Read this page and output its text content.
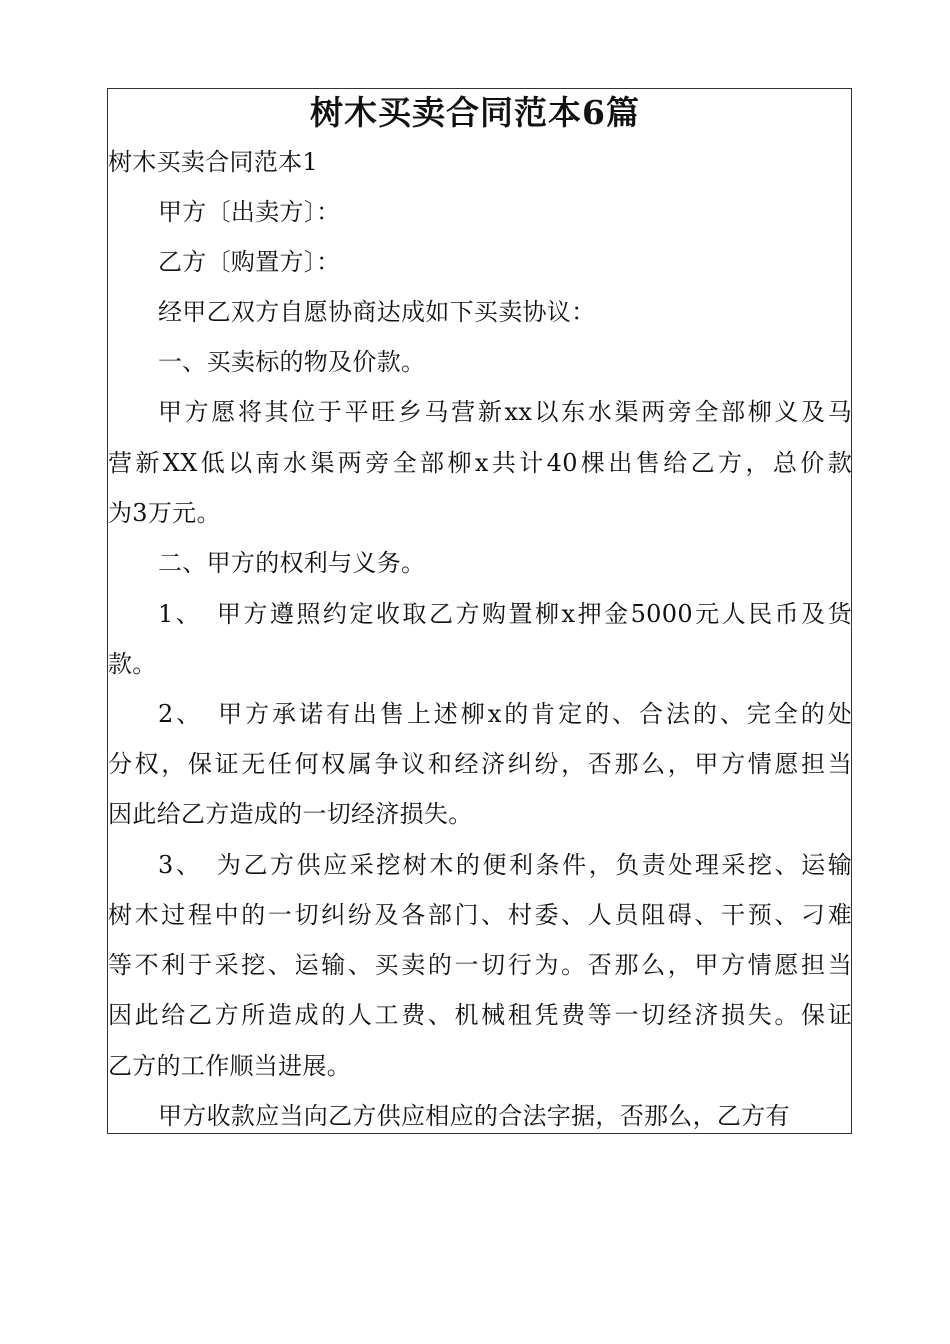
树木买卖合同范本6篇
树木买卖合同范本1
甲方〔出卖方〕：
乙方〔购置方〕：
经甲乙双方自愿协商达成如下买卖协议：
一、买卖标的物及价款。
甲方愿将其位于平旺乡马营新xx以东水渠两旁全部柳义及马
营新XX低以南水渠两旁全部柳x共计40棵出售给乙方，总价款
为3万元。
二、甲方的权利与义务。
1、　甲方遵照约定收取乙方购置柳x押金5000元人民币及货
款。
2、　甲方承诺有出售上述柳x的肯定的、合法的、完全的处
分权，保证无任何权属争议和经济纠纷，否那么，甲方情愿担当
因此给乙方造成的一切经济损失。
3、　为乙方供应采挖树木的便利条件，负责处理采挖、运输
树木过程中的一切纠纷及各部门、村委、人员阻碍、干预、刁难
等不利于采挖、运输、买卖的一切行为。否那么，甲方情愿担当
因此给乙方所造成的人工费、机械租凭费等一切经济损失。保证
乙方的工作顺当进展。
甲方收款应当向乙方供应相应的合法字据，否那么，乙方有
